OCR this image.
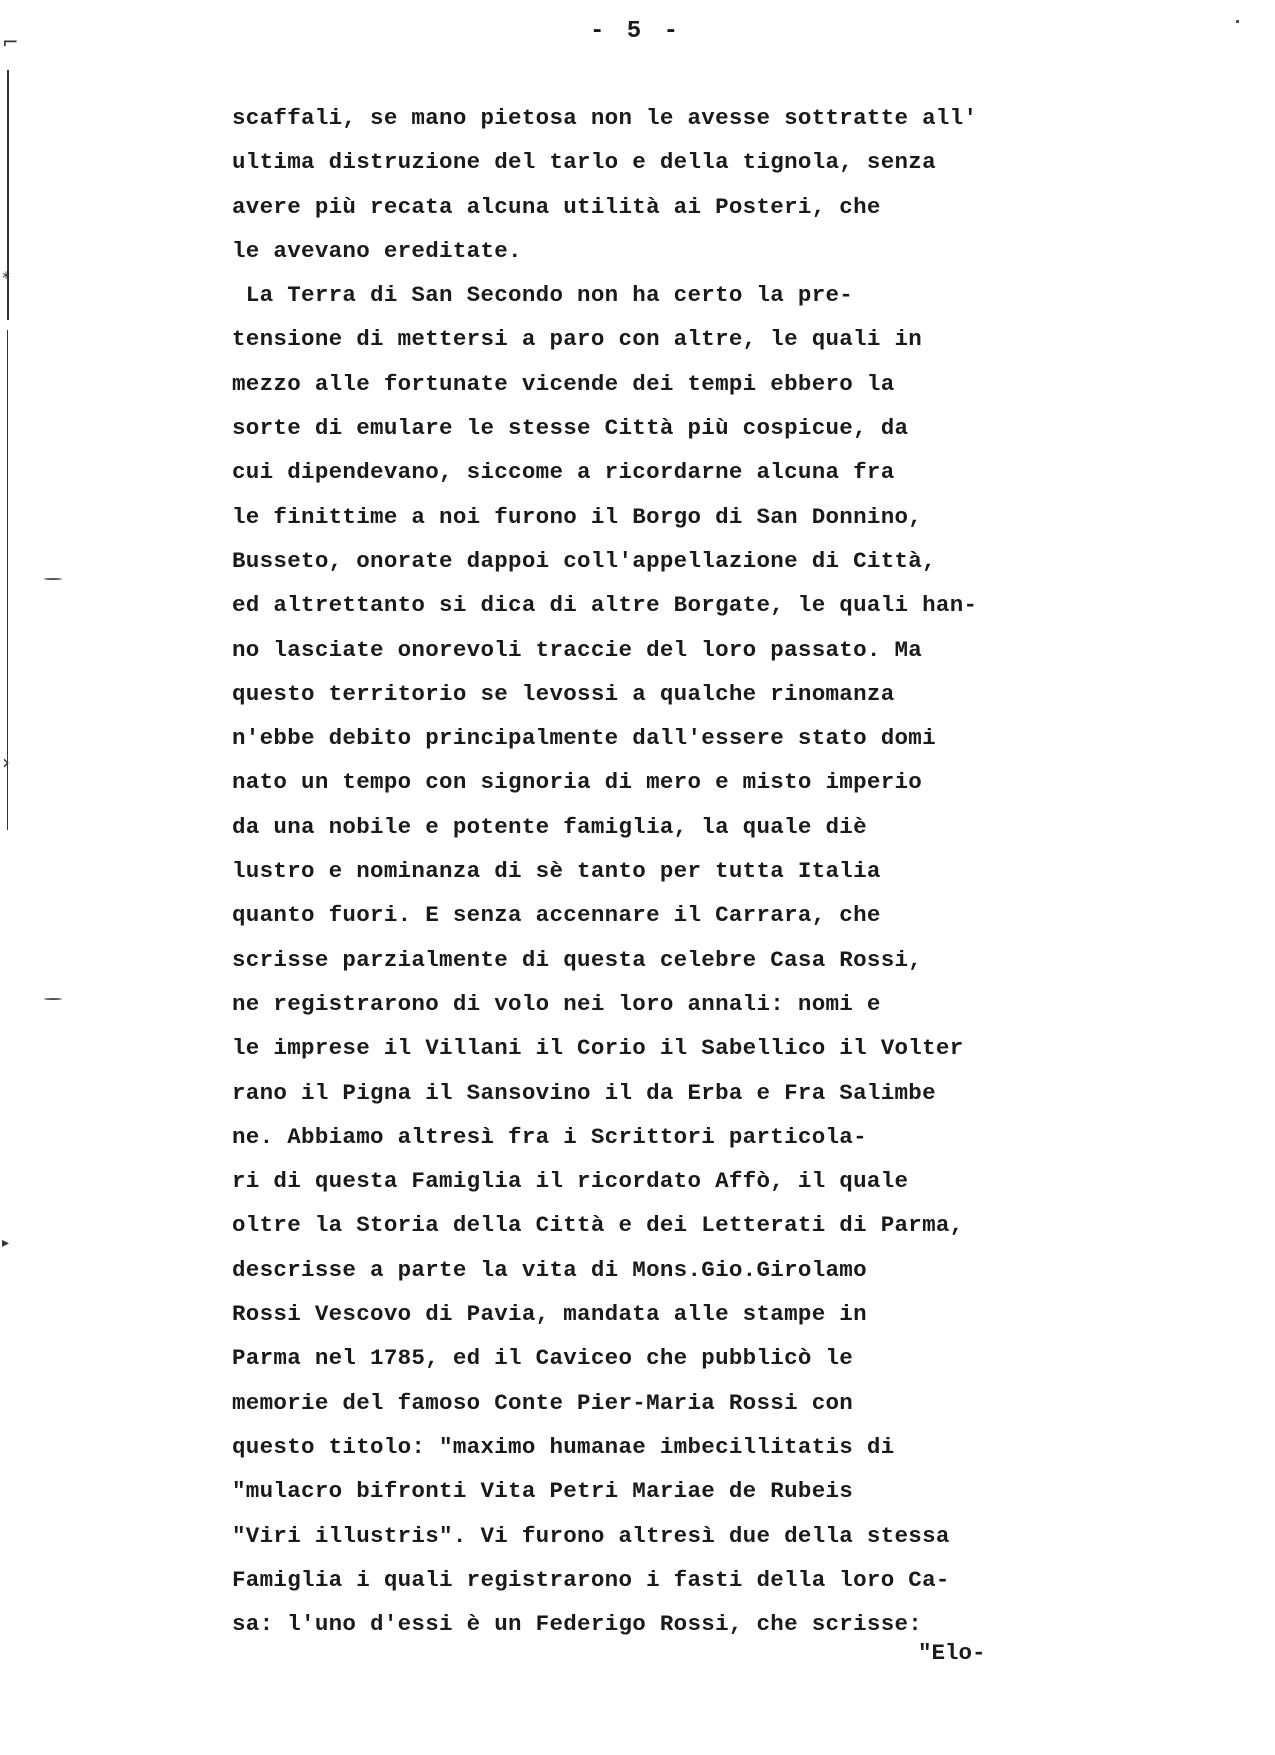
⌐
*
›
▸
- 5 -
scaffali, se mano pietosa non le avesse sottratte all'
ultima distruzione del tarlo e della tignola, senza
avere più recata alcuna utilità ai Posteri, che
le avevano ereditate.
La Terra di San Secondo non ha certo la pre-
tensione di mettersi a paro con altre, le quali in
mezzo alle fortunate vicende dei tempi ebbero la
sorte di emulare le stesse Città più cospicue, da
cui dipendevano, siccome a ricordarne alcuna fra
le finittime a noi furono il Borgo di San Donnino,
Busseto, onorate dappoi coll'appellazione di Città,
ed altrettanto si dica di altre Borgate, le quali han-
no lasciate onorevoli traccie del loro passato. Ma
questo territorio se levossi a qualche rinomanza
n'ebbe debito principalmente dall'essere stato domi
nato un tempo con signoria di mero e misto imperio
da una nobile e potente famiglia, la quale diè
lustro e nominanza di sè tanto per tutta Italia
quanto fuori. E senza accennare il Carrara, che
scrisse parzialmente di questa celebre Casa Rossi,
ne registrarono di volo nei loro annali: nomi e
le imprese il Villani il Corio il Sabellico il Volter
rano il Pigna il Sansovino il da Erba e Fra Salimbe
ne. Abbiamo altresì fra i Scrittori particola-
ri di questa Famiglia il ricordato Affò, il quale
oltre la Storia della Città e dei Letterati di Parma,
descrisse a parte la vita di Mons.Gio.Girolamo
Rossi Vescovo di Pavia, mandata alle stampe in
Parma nel 1785, ed il Caviceo che pubblicò le
memorie del famoso Conte Pier-Maria Rossi con
questo titolo: "maximo humanae imbecillitatis di
"mulacro bifronti Vita Petri Mariae de Rubeis
"Viri illustris". Vi furono altresì due della stessa
Famiglia i quali registrarono i fasti della loro Ca-
sa: l'uno d'essi è un Federigo Rossi, che scrisse:
"Elo-
